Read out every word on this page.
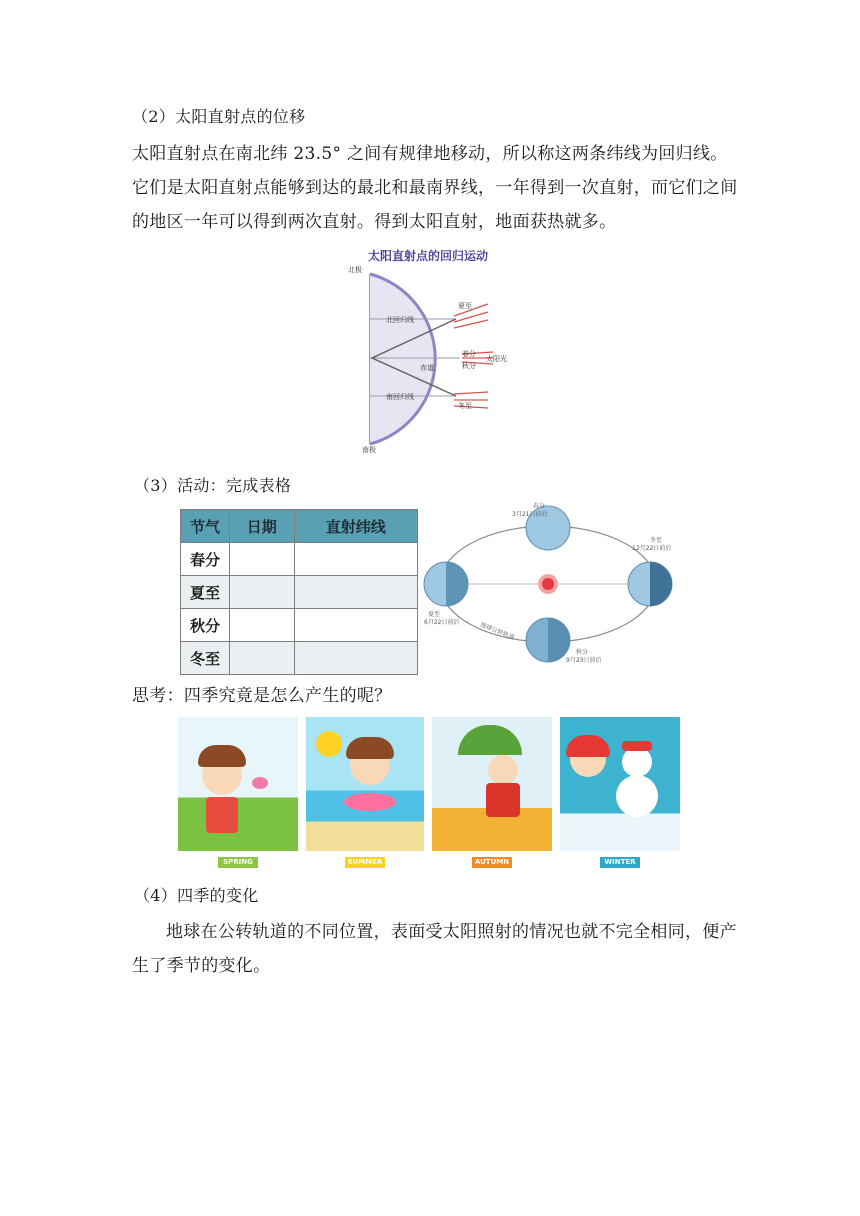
（2）太阳直射点的位移
太阳直射点在南北纬 23.5° 之间有规律地移动，所以称这两条纬线为回归线。
它们是太阳直射点能够到达的最北和最南界线，一年得到一次直射，而它们之间
的地区一年可以得到两次直射。得到太阳直射，地面获热就多。
太阳直射点的回归运动
北极
南极
北回归线
赤道
南回归线
夏至
春分
秋分
冬至
太阳光
（3）活动：完成表格
节气	日期	直射纬线
春分		
夏至		
秋分		
冬至		
春分
3月21日前后
冬至
12月22日前后
夏至
6月22日前后
秋分
9月23日前后
地球公转轨道
思考：四季究竟是怎么产生的呢？
SPRING	SUMMER	AUTUMN	WINTER
（4）四季的变化
地球在公转轨道的不同位置，表面受太阳照射的情况也就不完全相同，便产
生了季节的变化。
